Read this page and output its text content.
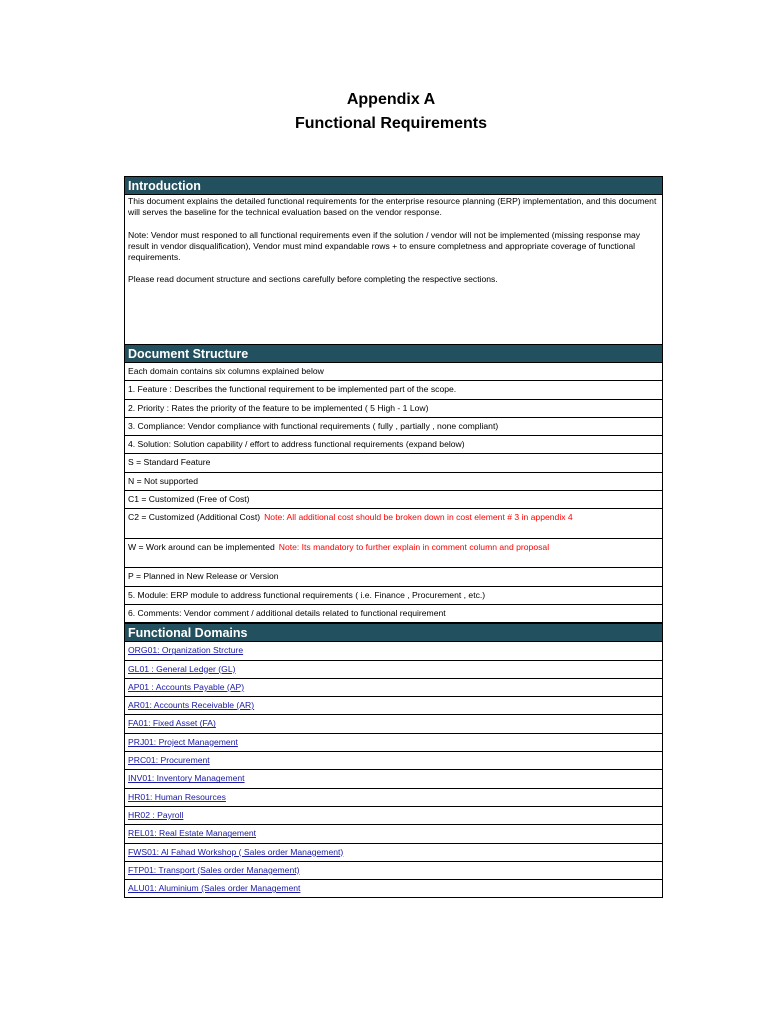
Appendix A
Functional Requirements
Introduction

This document explains the detailed functional requirements for the enterprise resource planning (ERP) implementation, and this document will serves the baseline for the technical evaluation based on the vendor response.

Note: Vendor must responed to all functional requirements even if the solution / vendor will not be implemented (missing response may result in vendor disqualification), Vendor must mind expandable rows + to ensure completness and appropriate coverage of functional requirements.

Please read document structure and sections carefully before completing the respective sections.

Document Structure
Each domain contains six columns explained below
1. Feature : Describes the functional requirement to be implemented part of the scope.
2. Priority : Rates the priority of the feature to be implemented ( 5 High - 1 Low)
3. Compliance: Vendor compliance with functional requirements ( fully , partially , none compliant)
4. Solution: Solution capability / effort to address functional requirements (expand below)
S = Standard Feature
N = Not supported
C1 = Customized (Free of Cost)
C2 = Customized (Additional Cost) Note: All additional cost should be broken down in cost element # 3 in appendix 4
W = Work around can be implemented Note: Its mandatory to further explain in comment column and proposal
P = Planned in New Release or Version
5. Module: ERP module to address functional requirements ( i.e. Finance , Procurement , etc.)
6. Comments: Vendor comment / additional details related to functional requirement
Functional Domains
ORG01: Organization Strcture
GL01 : General Ledger (GL)
AP01 : Accounts Payable (AP)
AR01: Accounts Receivable (AR)
FA01: Fixed Asset (FA)
PRJ01: Project Management
PRC01: Procurement
INV01: Inventory Management
HR01: Human Resources
HR02 : Payroll
REL01: Real Estate Management
FWS01: Al Fahad Workshop ( Sales order Management)
FTP01: Transport (Sales order Management)
ALU01: Aluminium (Sales order Management
